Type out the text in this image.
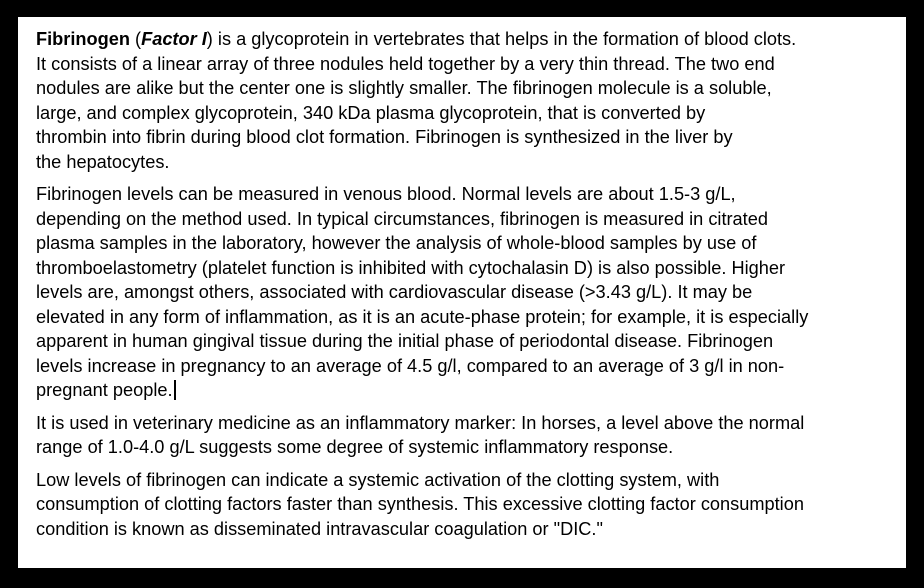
Fibrinogen (Factor I) is a glycoprotein in vertebrates that helps in the formation of blood clots.
It consists of a linear array of three nodules held together by a very thin thread. The two end
nodules are alike but the center one is slightly smaller. The fibrinogen molecule is a soluble,
large, and complex glycoprotein, 340 kDa plasma glycoprotein, that is converted by
thrombin into fibrin during blood clot formation. Fibrinogen is synthesized in the liver by
the hepatocytes.

Fibrinogen levels can be measured in venous blood. Normal levels are about 1.5-3 g/L,
depending on the method used. In typical circumstances, fibrinogen is measured in citrated
plasma samples in the laboratory, however the analysis of whole-blood samples by use of
thromboelastometry (platelet function is inhibited with cytochalasin D) is also possible. Higher
levels are, amongst others, associated with cardiovascular disease (>3.43 g/L). It may be
elevated in any form of inflammation, as it is an acute-phase protein; for example, it is especially
apparent in human gingival tissue during the initial phase of periodontal disease. Fibrinogen
levels increase in pregnancy to an average of 4.5 g/l, compared to an average of 3 g/l in non-
pregnant people.

It is used in veterinary medicine as an inflammatory marker: In horses, a level above the normal
range of 1.0-4.0 g/L suggests some degree of systemic inflammatory response.

Low levels of fibrinogen can indicate a systemic activation of the clotting system, with
consumption of clotting factors faster than synthesis. This excessive clotting factor consumption
condition is known as disseminated intravascular coagulation or "DIC."
